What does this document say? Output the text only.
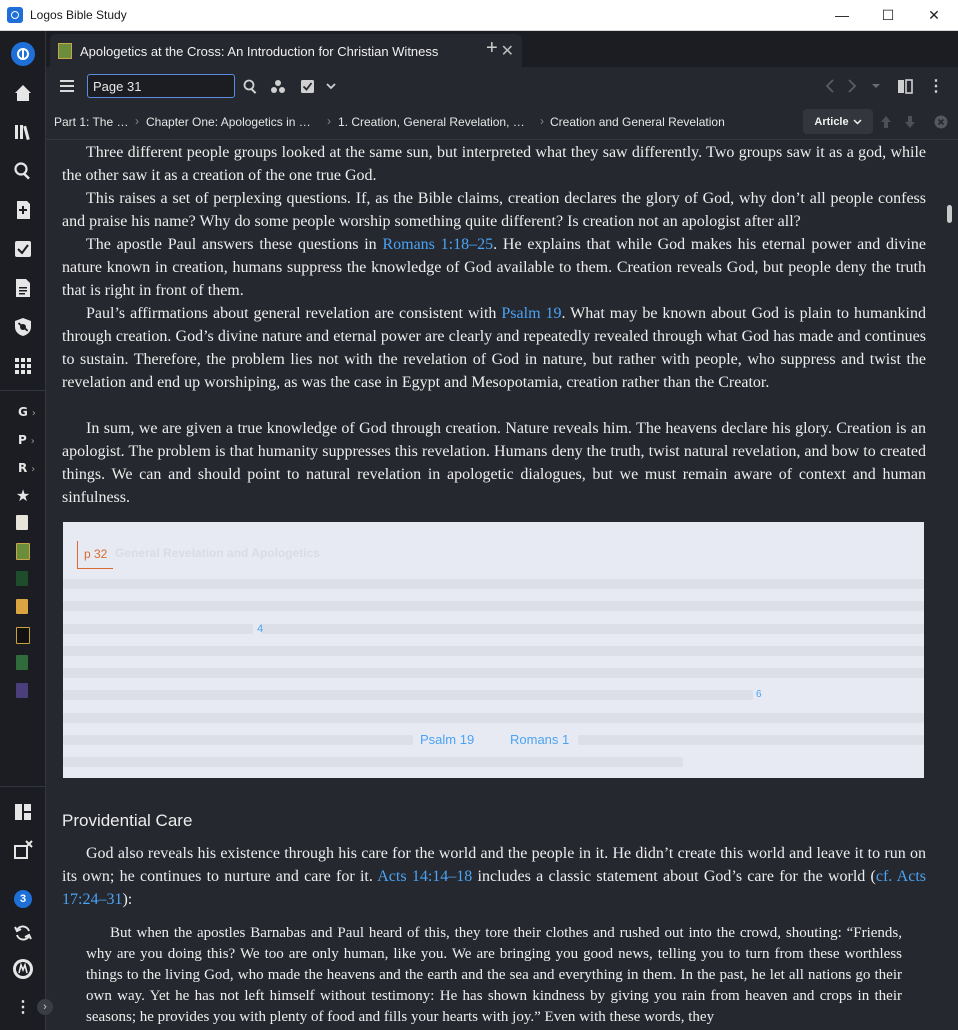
Logos Bible Study	—	☐	✕
G ›
P ›
R ›
★
3
⋮	›
Apologetics at the Cross: An Introduction for Christian Witness	✕
+
Page 31
⋮
Part 1: The … › Chapter One: Apologetics in … › 1. Creation, General Revelation, … › Creation and General Revelation	Article

Three different people groups looked at the same sun, but interpreted what they saw differently. Two groups saw it as a god, while the other saw it as a creation of the one true God.

This raises a set of perplexing questions. If, as the Bible claims, creation declares the glory of God, why don’t all people confess and praise his name? Why do some people worship something quite different? Is creation not an apologist after all?

The apostle Paul answers these questions in Romans 1:18–25. He explains that while God makes his eternal power and divine nature known in creation, humans suppress the knowledge of God available to them. Creation reveals God, but people deny the truth that is right in front of them.

Paul’s affirmations about general revelation are consistent with Psalm 19. What may be known about God is plain to humankind through creation. God’s divine nature and eternal power are clearly and repeatedly revealed through what God has made and continues to sustain. Therefore, the problem lies not with the revelation of God in nature, but rather with people, who suppress and twist the revelation and end up worshiping, as was the case in Egypt and Mesopotamia, creation rather than the Creator.

In sum, we are given a true knowledge of God through creation. Nature reveals him. The heavens declare his glory. Creation is an apologist. The problem is that humanity suppresses this revelation. Humans deny the truth, twist natural revelation, and bow to created things. We can and should point to natural revelation in apologetic dialogues, but we must remain aware of context and human sinfulness.

p 32 General Revelation and Apologetics
4
6
Psalm 19	Romans 1
Providential Care

God also reveals his existence through his care for the world and the people in it. He didn’t create this world and leave it to run on its own; he continues to nurture and care for it. Acts 14:14–18 includes a classic statement about God’s care for the world (cf. Acts 17:24–31):

But when the apostles Barnabas and Paul heard of this, they tore their clothes and rushed out into the crowd, shouting: “Friends, why are you doing this? We too are only human, like you. We are bringing you good news, telling you to turn from these worthless things to the living God, who made the heavens and the earth and the sea and everything in them. In the past, he let all nations go their own way. Yet he has not left himself without testimony: He has shown kindness by giving you rain from heaven and crops in their seasons; he provides you with plenty of food and fills your hearts with joy.” Even with these words, they
